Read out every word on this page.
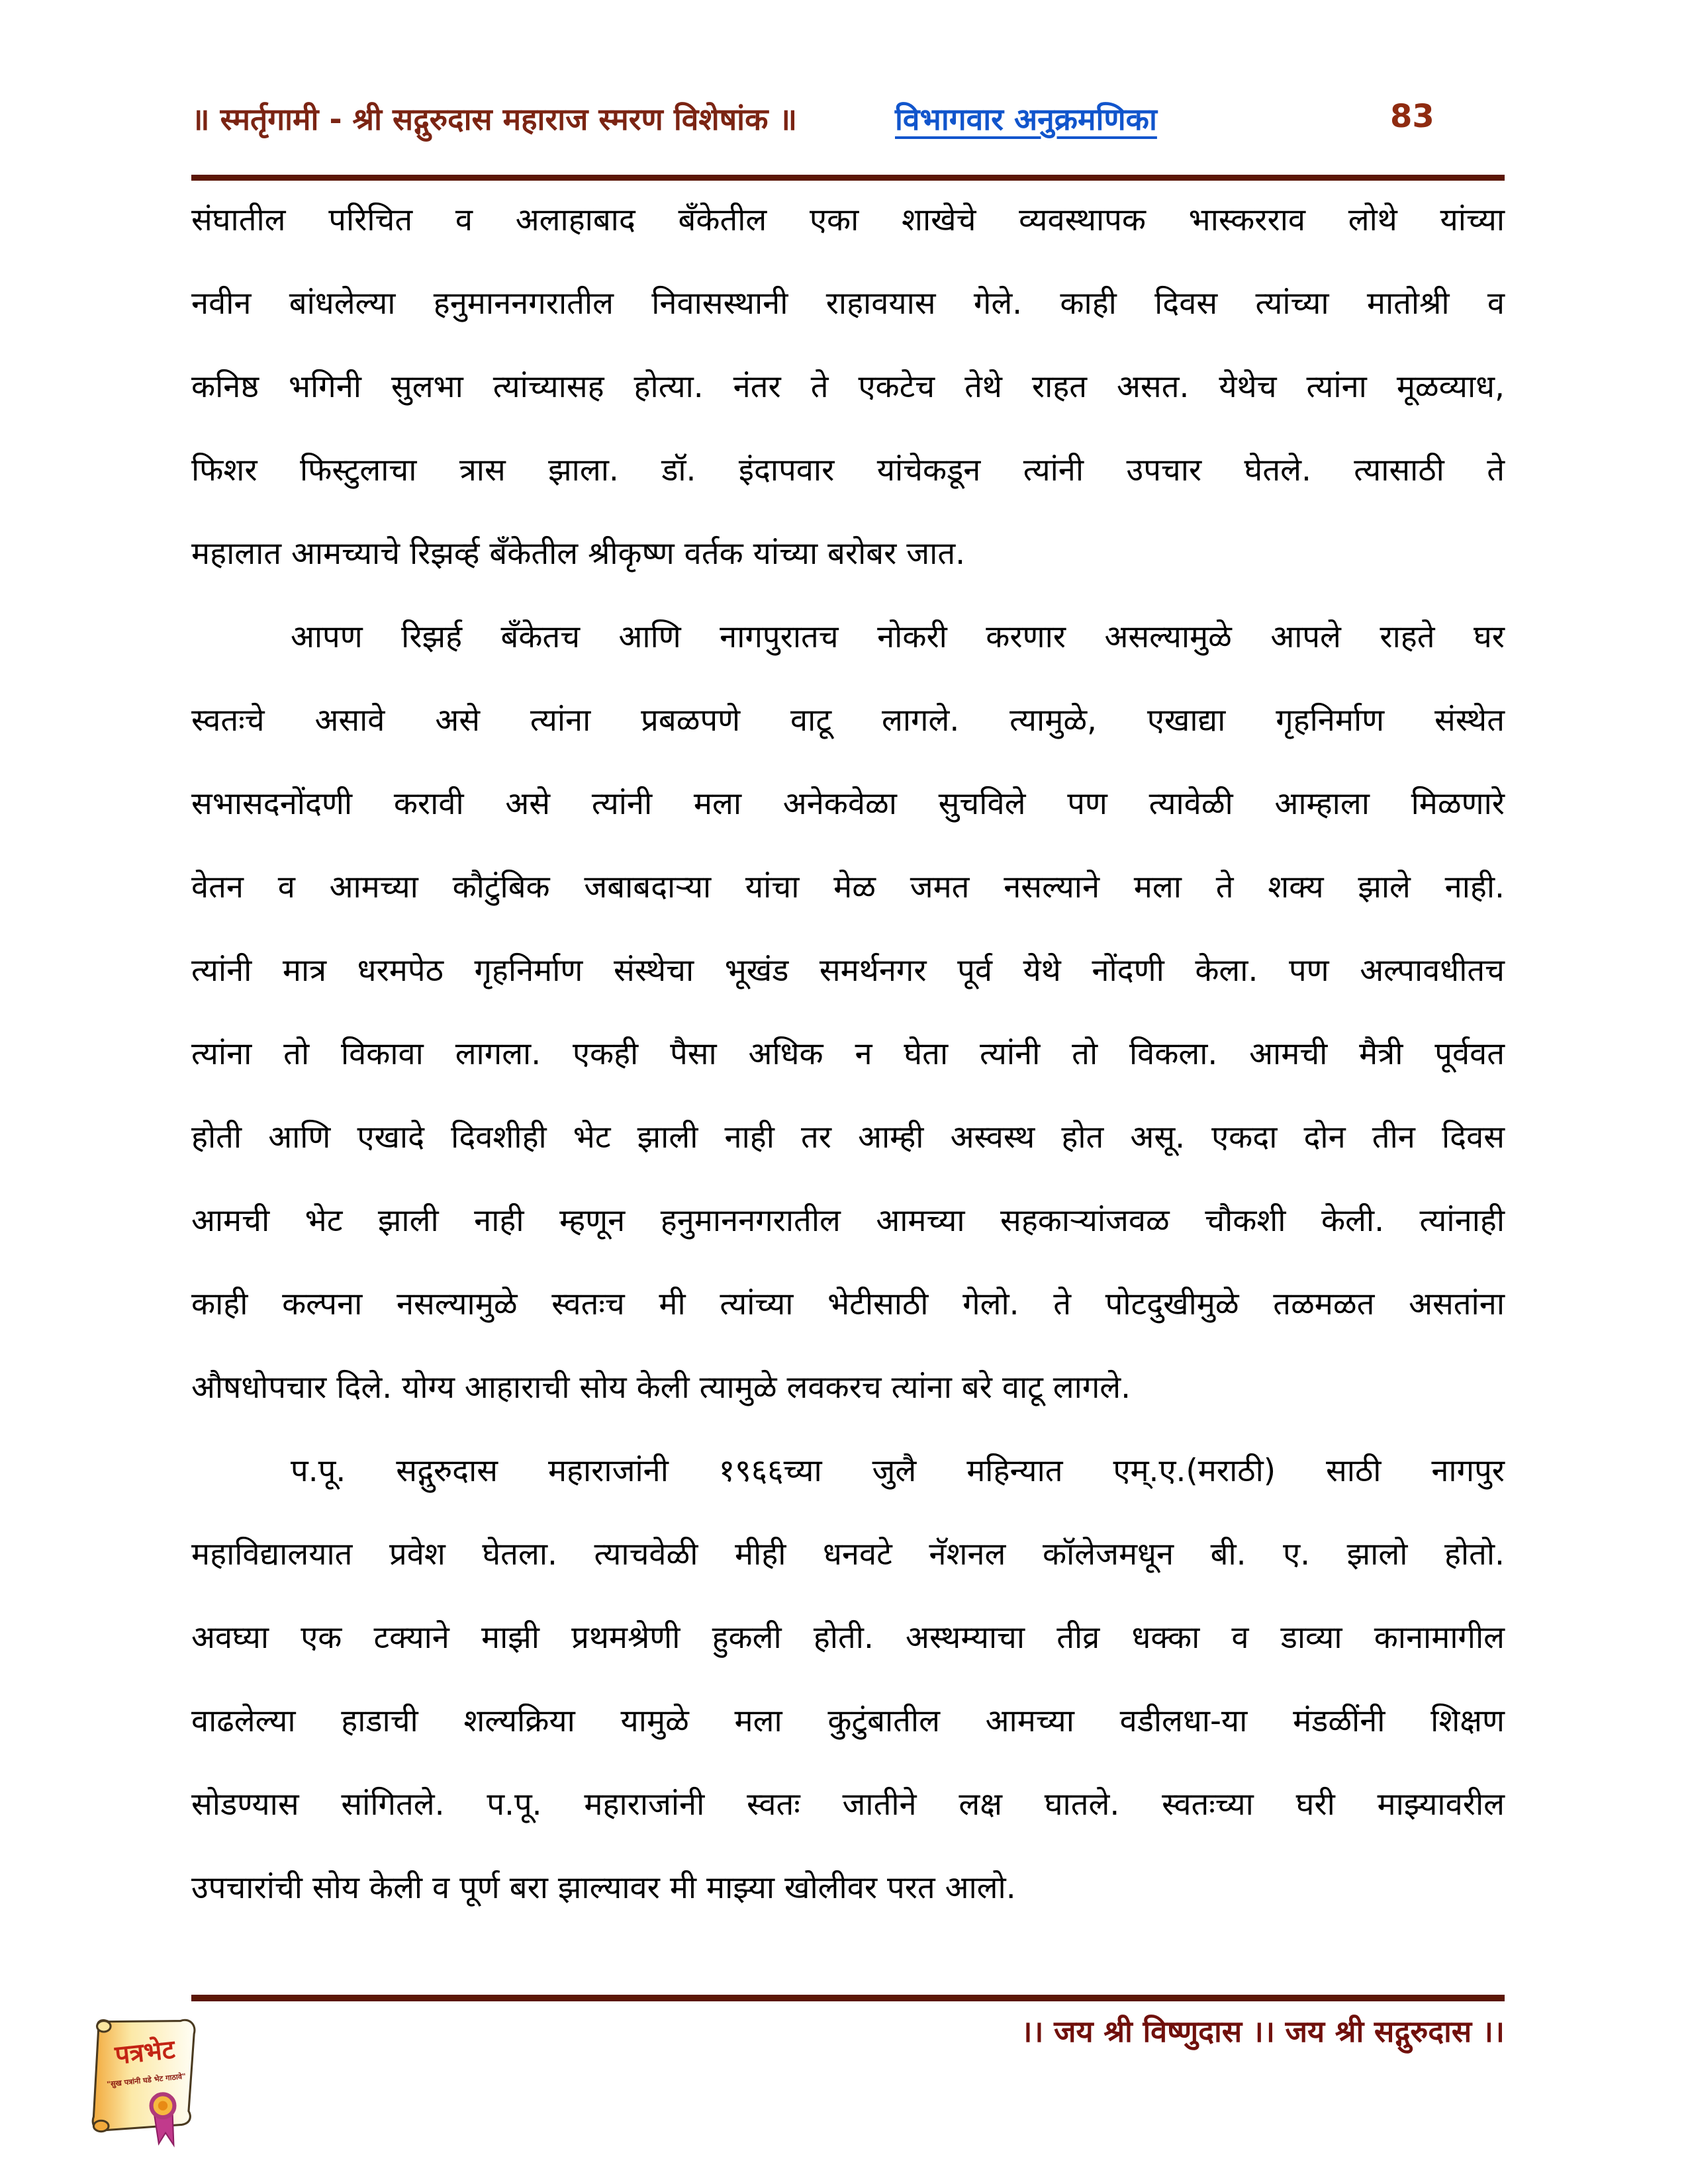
॥ स्मर्तृगामी - श्री सद्गुरुदास महाराज स्मरण विशेषांक ॥	विभागवार अनुक्रमणिका	83
संघातील परिचित व अलाहाबाद बँकेतील एका शाखेचे व्यवस्थापक भास्करराव लोथे यांच्या
नवीन बांधलेल्या हनुमाननगरातील निवासस्थानी राहावयास गेले. काही दिवस त्यांच्या मातोश्री व
कनिष्ठ भगिनी सुलभा त्यांच्यासह होत्या. नंतर ते एकटेच तेथे राहत असत. येथेच त्यांना मूळव्याध,
फिशर फिस्टुलाचा त्रास झाला. डॉ. इंदापवार यांचेकडून त्यांनी उपचार घेतले. त्यासाठी ते
महालात आमच्याचे रिझर्व्ह बँकेतील श्रीकृष्ण वर्तक यांच्या बरोबर जात.
आपण रिझर्ह बँकेतच आणि नागपुरातच नोकरी करणार असल्यामुळे आपले राहते घर
स्वतःचे असावे असे त्यांना प्रबळपणे वाटू लागले. त्यामुळे, एखाद्या गृहनिर्माण संस्थेत
सभासदनोंदणी करावी असे त्यांनी मला अनेकवेळा सुचविले पण त्यावेळी आम्हाला मिळणारे
वेतन व आमच्या कौटुंबिक जबाबदाऱ्या यांचा मेळ जमत नसल्याने मला ते शक्य झाले नाही.
त्यांनी मात्र धरमपेठ गृहनिर्माण संस्थेचा भूखंड समर्थनगर पूर्व येथे नोंदणी केला. पण अल्पावधीतच
त्यांना तो विकावा लागला. एकही पैसा अधिक न घेता त्यांनी तो विकला. आमची मैत्री पूर्ववत
होती आणि एखादे दिवशीही भेट झाली नाही तर आम्ही अस्वस्थ होत असू. एकदा दोन तीन दिवस
आमची भेट झाली नाही म्हणून हनुमाननगरातील आमच्या सहकाऱ्यांजवळ चौकशी केली. त्यांनाही
काही कल्पना नसल्यामुळे स्वतःच मी त्यांच्या भेटीसाठी गेलो. ते पोटदुखीमुळे तळमळत असतांना
औषधोपचार दिले. योग्य आहाराची सोय केली त्यामुळे लवकरच त्यांना बरे वाटू लागले.
प.पू. सद्गुरुदास महाराजांनी १९६६च्या जुलै महिन्यात एम्.ए.(मराठी) साठी नागपुर
महाविद्यालयात प्रवेश घेतला. त्याचवेळी मीही धनवटे नॅशनल कॉलेजमधून बी. ए. झालो होतो.
अवघ्या एक टक्याने माझी प्रथमश्रेणी हुकली होती. अस्थम्याचा तीव्र धक्का व डाव्या कानामागील
वाढलेल्या हाडाची शल्यक्रिया यामुळे मला कुटुंबातील आमच्या वडीलधा-या मंडळींनी शिक्षण
सोडण्यास सांगितले. प.पू. महाराजांनी स्वतः जातीने लक्ष घातले. स्वतःच्या घरी माझ्यावरील
उपचारांची सोय केली व पूर्ण बरा झाल्यावर मी माझ्या खोलीवर परत आलो.
।। जय श्री विष्णुदास ।। जय श्री सद्गुरुदास ।।
पत्रभेट
"सुख पत्रांनी घडे भेट गाठावे"
